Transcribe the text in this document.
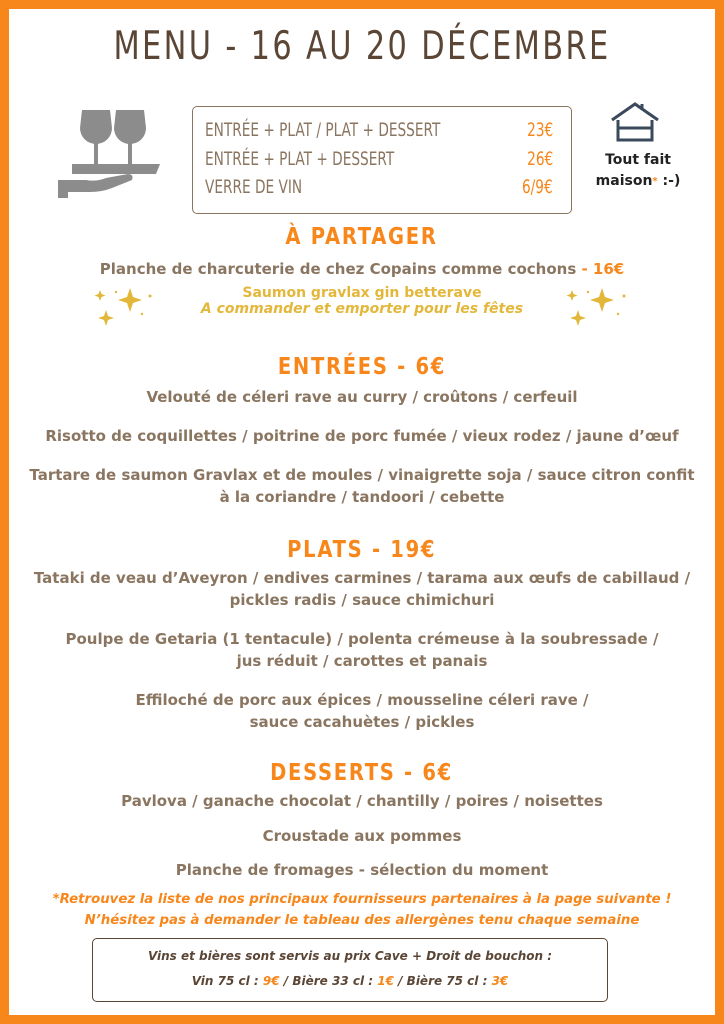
MENU - 16 AU 20 DÉCEMBRE
ENTRÉE + PLAT / PLAT + DESSERT	23€
ENTRÉE + PLAT + DESSERT	26€
VERRE DE VIN	6/9€
Tout fait
maison* :-)
À PARTAGER
Planche de charcuterie de chez Copains comme cochons - 16€
Saumon gravlax gin betterave
A commander et emporter pour les fêtes
ENTRÉES - 6€
Velouté de céleri rave au curry / croûtons / cerfeuil
Risotto de coquillettes / poitrine de porc fumée / vieux rodez / jaune d’œuf
Tartare de saumon Gravlax et de moules / vinaigrette soja / sauce citron confit
à la coriandre / tandoori / cebette
PLATS - 19€
Tataki de veau d’Aveyron / endives carmines / tarama aux œufs de cabillaud /
pickles radis / sauce chimichuri
Poulpe de Getaria (1 tentacule) / polenta crémeuse à la soubressade /
jus réduit / carottes et panais
Effiloché de porc aux épices / mousseline céleri rave /
sauce cacahuètes / pickles
DESSERTS - 6€
Pavlova / ganache chocolat / chantilly / poires / noisettes
Croustade aux pommes
Planche de fromages - sélection du moment
*Retrouvez la liste de nos principaux fournisseurs partenaires à la page suivante !
N’hésitez pas à demander le tableau des allergènes tenu chaque semaine
Vins et bières sont servis au prix Cave + Droit de bouchon :
Vin 75 cl : 9€ / Bière 33 cl : 1€ / Bière 75 cl : 3€
